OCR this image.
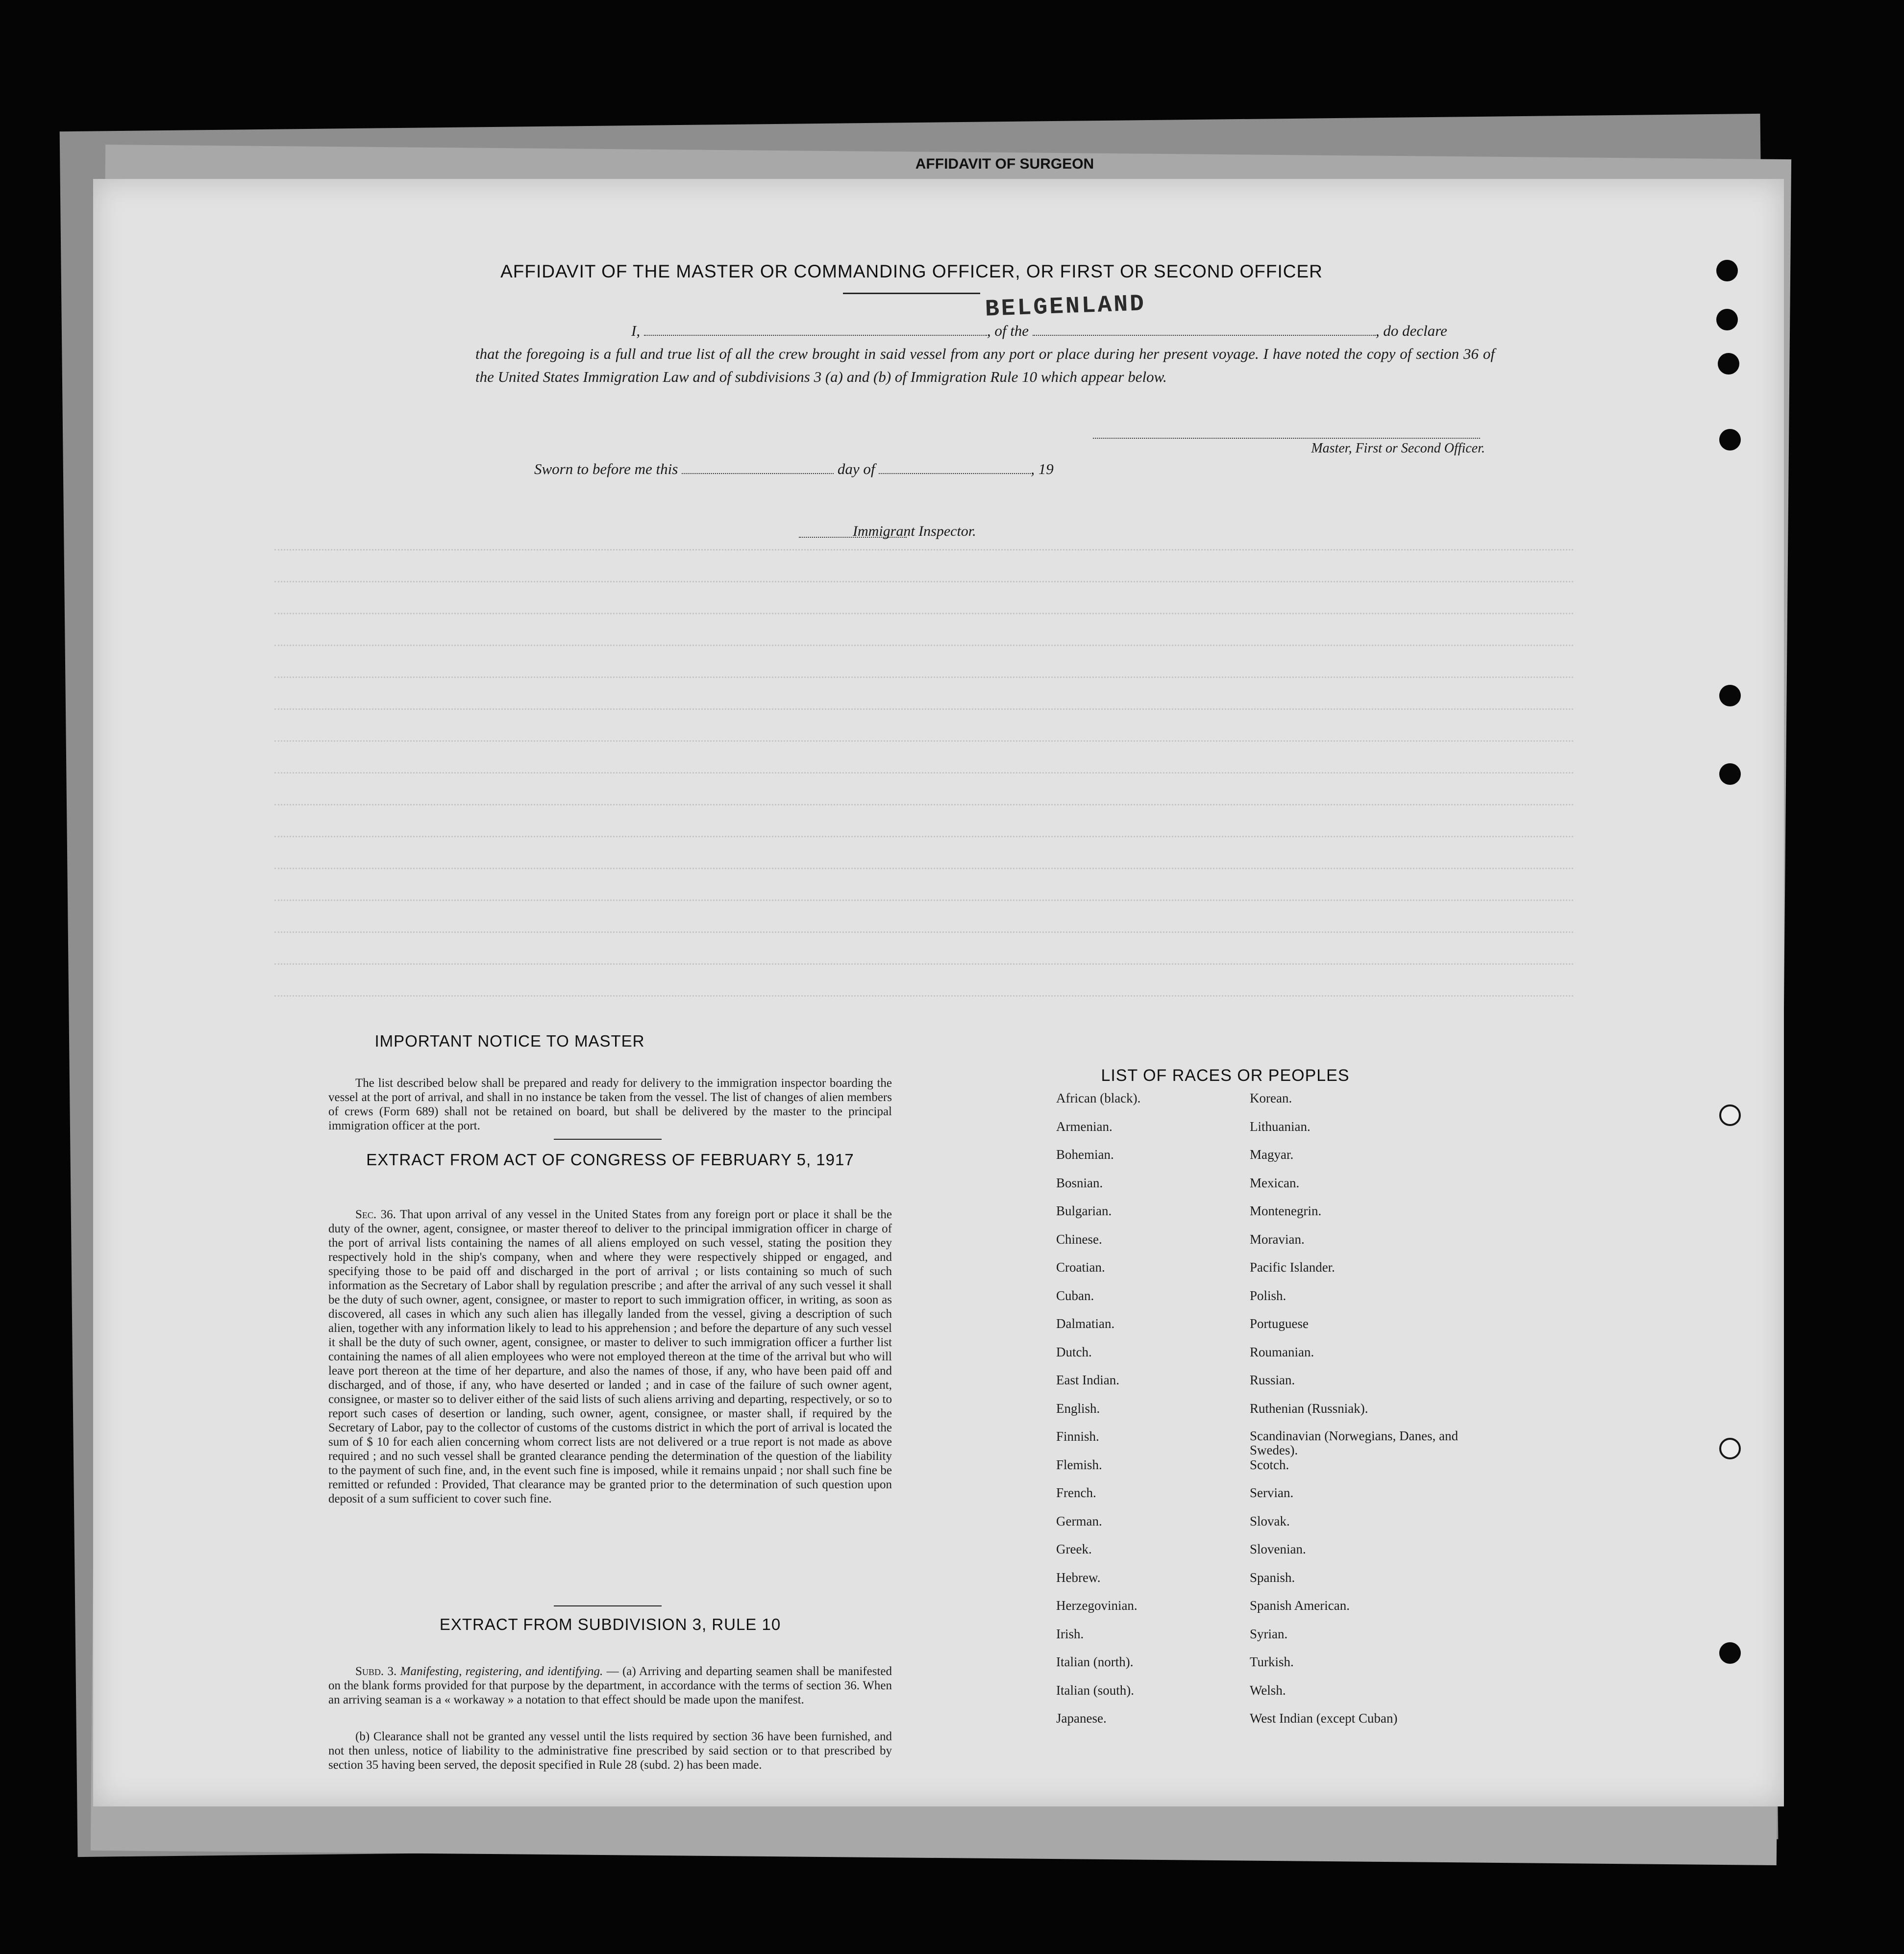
AFFIDAVIT OF SURGEON
AFFIDAVIT OF THE MASTER OR COMMANDING OFFICER, OR FIRST OR SECOND OFFICER
BELGENLAND
I,	, of the	, do declare
that the foregoing is a full and true list of all the crew brought in said vessel from any port or place during her present voyage. I have noted the copy of section 36 of the United States Immigration Law and of subdivisions 3 (a) and (b) of Immigration Rule 10 which appear below.
Master, First or Second Officer.
Sworn to before me this	day of	, 19
Immigrant Inspector.
IMPORTANT NOTICE TO MASTER
The list described below shall be prepared and ready for delivery to the immigration inspector boarding the vessel at the port of arrival, and shall in no instance be taken from the vessel. The list of changes of alien members of crews (Form 689) shall not be retained on board, but shall be delivered by the master to the principal immigration officer at the port.
EXTRACT FROM ACT OF CONGRESS OF FEBRUARY 5, 1917
Sec. 36. That upon arrival of any vessel in the United States from any foreign port or place it shall be the duty of the owner, agent, consignee, or master thereof to deliver to the principal immigration officer in charge of the port of arrival lists containing the names of all aliens employed on such vessel, stating the position they respectively hold in the ship's company, when and where they were respectively shipped or engaged, and specifying those to be paid off and discharged in the port of arrival ; or lists containing so much of such information as the Secretary of Labor shall by regulation prescribe ; and after the arrival of any such vessel it shall be the duty of such owner, agent, consignee, or master to report to such immigration officer, in writing, as soon as discovered, all cases in which any such alien has illegally landed from the vessel, giving a description of such alien, together with any information likely to lead to his apprehension ; and before the departure of any such vessel it shall be the duty of such owner, agent, consignee, or master to deliver to such immigration officer a further list containing the names of all alien employees who were not employed thereon at the time of the arrival but who will leave port thereon at the time of her departure, and also the names of those, if any, who have been paid off and discharged, and of those, if any, who have deserted or landed ; and in case of the failure of such owner agent, consignee, or master so to deliver either of the said lists of such aliens arriving and departing, respectively, or so to report such cases of desertion or landing, such owner, agent, consignee, or master shall, if required by the Secretary of Labor, pay to the collector of customs of the customs district in which the port of arrival is located the sum of $ 10 for each alien concerning whom correct lists are not delivered or a true report is not made as above required ; and no such vessel shall be granted clearance pending the determination of the question of the liability to the payment of such fine, and, in the event such fine is imposed, while it remains unpaid ; nor shall such fine be remitted or refunded : Provided, That clearance may be granted prior to the determination of such question upon deposit of a sum sufficient to cover such fine.
EXTRACT FROM SUBDIVISION 3, RULE 10
Subd. 3. Manifesting, registering, and identifying. — (a) Arriving and departing seamen shall be manifested on the blank forms provided for that purpose by the department, in accordance with the terms of section 36. When an arriving seaman is a « workaway » a notation to that effect should be made upon the manifest.
(b) Clearance shall not be granted any vessel until the lists required by section 36 have been furnished, and not then unless, notice of liability to the administrative fine prescribed by said section or to that prescribed by section 35 having been served, the deposit specified in Rule 28 (subd. 2) has been made.
LIST OF RACES OR PEOPLES
African (black).
Armenian.
Bohemian.
Bosnian.
Bulgarian.
Chinese.
Croatian.
Cuban.
Dalmatian.
Dutch.
East Indian.
English.
Finnish.
Flemish.
French.
German.
Greek.
Hebrew.
Herzegovinian.
Irish.
Italian (north).
Italian (south).
Japanese.
Korean.
Lithuanian.
Magyar.
Mexican.
Montenegrin.
Moravian.
Pacific Islander.
Polish.
Portuguese
Roumanian.
Russian.
Ruthenian (Russniak).
Scandinavian (Norwegians, Danes, and Swedes).
Scotch.
Servian.
Slovak.
Slovenian.
Spanish.
Spanish American.
Syrian.
Turkish.
Welsh.
West Indian (except Cuban)
